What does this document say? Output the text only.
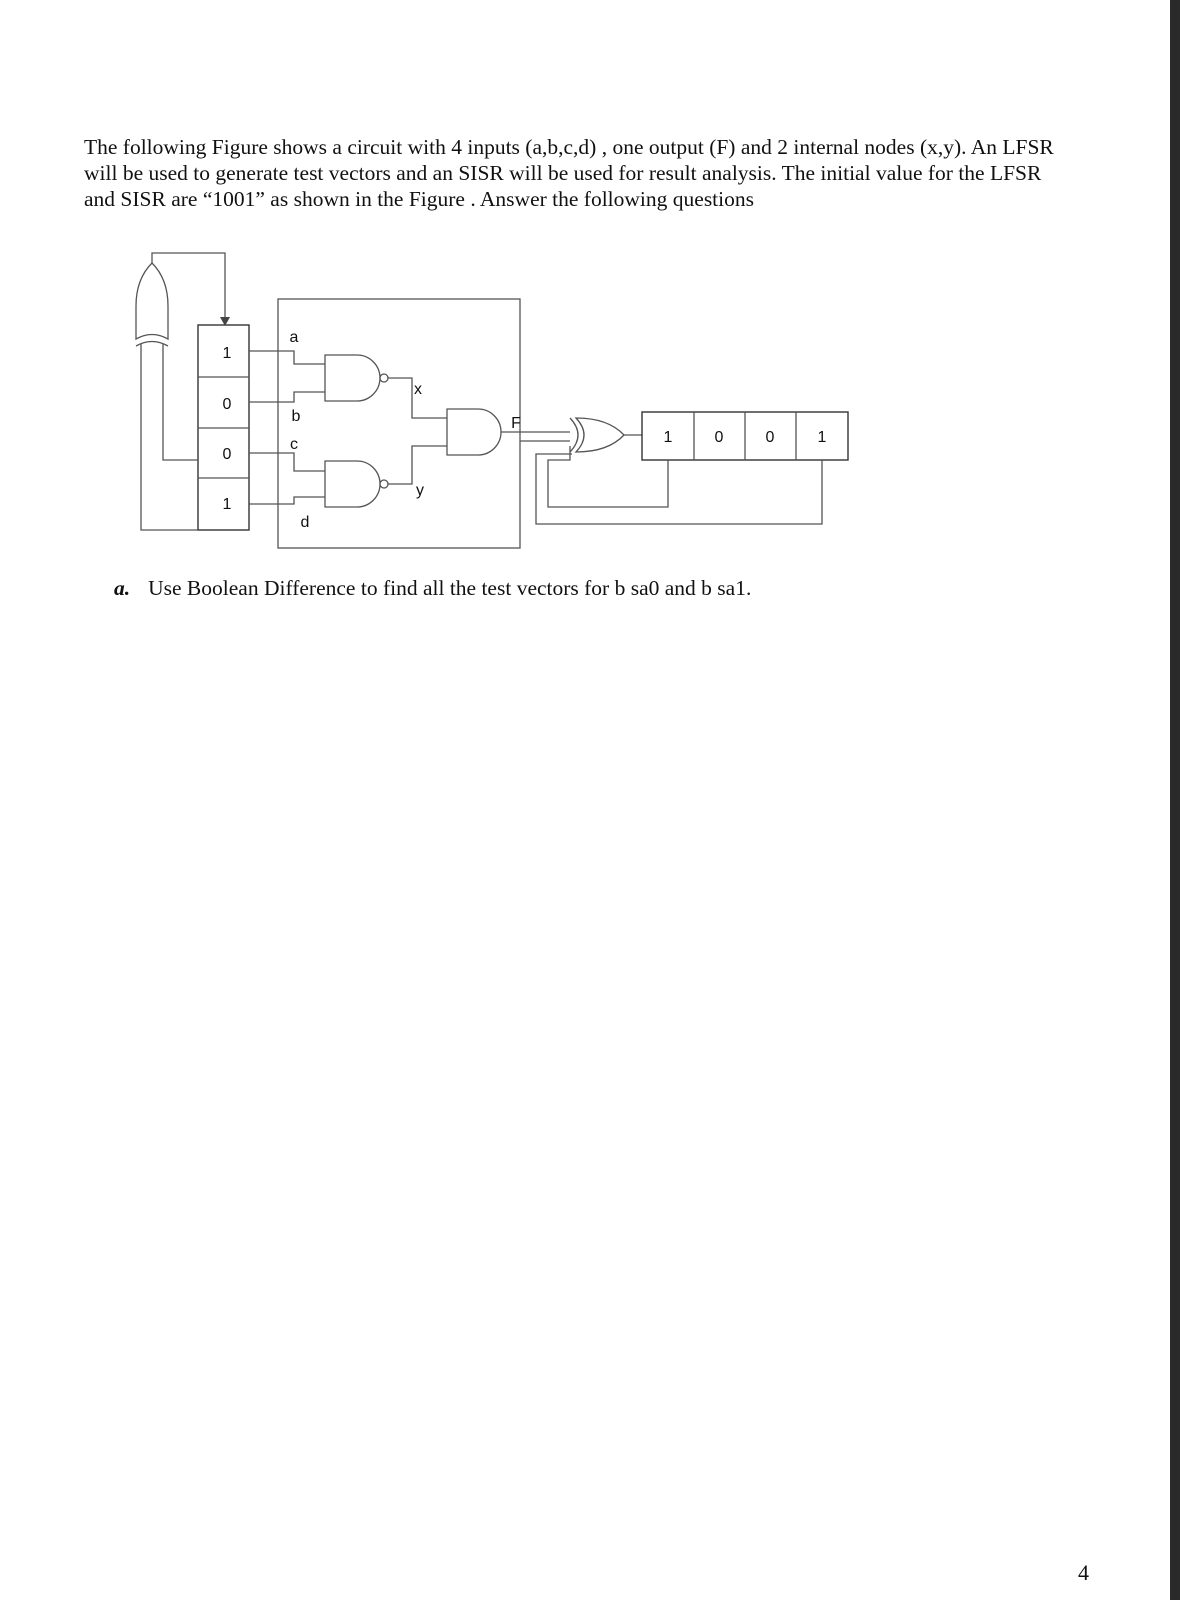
The following Figure shows a circuit with 4 inputs (a,b,c,d) , one output (F) and 2 internal nodes (x,y). An LFSR will be used to generate test vectors and an SISR will be used for result analysis. The initial value for the LFSR and SISR are “1001” as shown in the Figure . Answer the following questions

1
0
0
1
a
b
c
d
x
y
F
1	0	0	1
a. Use Boolean Difference to find all the test vectors for b sa0 and b sa1.
4
